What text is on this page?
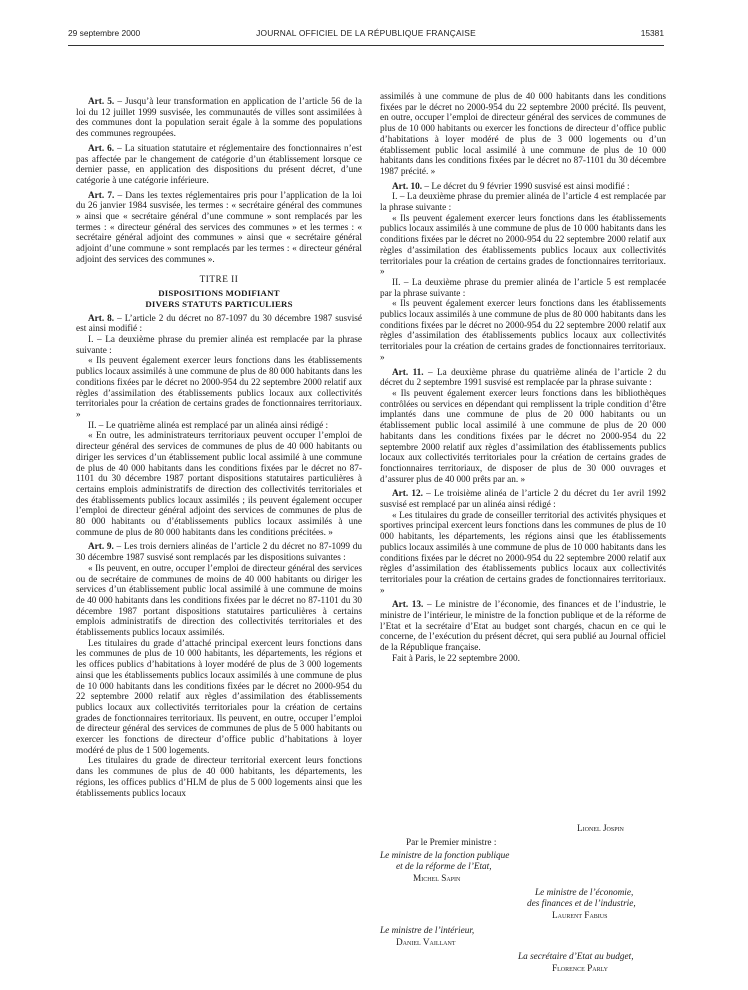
29 septembre 2000	JOURNAL OFFICIEL DE LA RÉPUBLIQUE FRANÇAISE	15381

Art. 5. – Jusqu’à leur transformation en application de l’article 56 de la loi du 12 juillet 1999 susvisée, les communautés de villes sont assimilées à des communes dont la population serait égale à la somme des populations des communes regroupées.

Art. 6. – La situation statutaire et réglementaire des fonctionnaires n’est pas affectée par le changement de catégorie d’un établissement lorsque ce dernier passe, en application des dispositions du présent décret, d’une catégorie à une catégorie inférieure.

Art. 7. – Dans les textes réglementaires pris pour l’application de la loi du 26 janvier 1984 susvisée, les termes : « secrétaire général des communes » ainsi que « secrétaire général d’une commune » sont remplacés par les termes : « directeur général des services des communes » et les termes : « secrétaire général adjoint des communes » ainsi que « secrétaire général adjoint d’une commune » sont remplacés par les termes : « directeur général adjoint des services des communes ».

TITRE II

DISPOSITIONS MODIFIANT

DIVERS STATUTS PARTICULIERS

Art. 8. – L’article 2 du décret no 87-1097 du 30 décembre 1987 susvisé est ainsi modifié :

I. – La deuxième phrase du premier alinéa est remplacée par la phrase suivante :

« Ils peuvent également exercer leurs fonctions dans les établissements publics locaux assimilés à une commune de plus de 80 000 habitants dans les conditions fixées par le décret no 2000-954 du 22 septembre 2000 relatif aux règles d’assimilation des établissements publics locaux aux collectivités territoriales pour la création de certains grades de fonctionnaires territoriaux. »

II. – Le quatrième alinéa est remplacé par un alinéa ainsi rédigé :

« En outre, les administrateurs territoriaux peuvent occuper l’emploi de directeur général des services de communes de plus de 40 000 habitants ou diriger les services d’un établissement public local assimilé à une commune de plus de 40 000 habitants dans les conditions fixées par le décret no 87-1101 du 30 décembre 1987 portant dispositions statutaires particulières à certains emplois administratifs de direction des collectivités territoriales et des établissements publics locaux assimilés ; ils peuvent également occuper l’emploi de directeur général adjoint des services de communes de plus de 80 000 habitants ou d’établissements publics locaux assimilés à une commune de plus de 80 000 habitants dans les conditions précitées. »

Art. 9. – Les trois derniers alinéas de l’article 2 du décret no 87-1099 du 30 décembre 1987 susvisé sont remplacés par les dispositions suivantes :

« Ils peuvent, en outre, occuper l’emploi de directeur général des services ou de secrétaire de communes de moins de 40 000 habitants ou diriger les services d’un établissement public local assimilé à une commune de moins de 40 000 habitants dans les conditions fixées par le décret no 87-1101 du 30 décembre 1987 portant dispositions statutaires particulières à certains emplois administratifs de direction des collectivités territoriales et des établissements publics locaux assimilés.

Les titulaires du grade d’attaché principal exercent leurs fonctions dans les communes de plus de 10 000 habitants, les départements, les régions et les offices publics d’habitations à loyer modéré de plus de 3 000 logements ainsi que les établissements publics locaux assimilés à une commune de plus de 10 000 habitants dans les conditions fixées par le décret no 2000-954 du 22 septembre 2000 relatif aux règles d’assimilation des établissements publics locaux aux collectivités territoriales pour la création de certains grades de fonctionnaires territoriaux. Ils peuvent, en outre, occuper l’emploi de directeur général des services de communes de plus de 5 000 habitants ou exercer les fonctions de directeur d’office public d’habitations à loyer modéré de plus de 1 500 logements.

Les titulaires du grade de directeur territorial exercent leurs fonctions dans les communes de plus de 40 000 habitants, les départements, les régions, les offices publics d’HLM de plus de 5 000 logements ainsi que les établissements publics locaux

assimilés à une commune de plus de 40 000 habitants dans les conditions fixées par le décret no 2000-954 du 22 septembre 2000 précité. Ils peuvent, en outre, occuper l’emploi de directeur général des services de communes de plus de 10 000 habitants ou exercer les fonctions de directeur d’office public d’habitations à loyer modéré de plus de 3 000 logements ou d’un établissement public local assimilé à une commune de plus de 10 000 habitants dans les conditions fixées par le décret no 87-1101 du 30 décembre 1987 précité. »

Art. 10. – Le décret du 9 février 1990 susvisé est ainsi modifié :

I. – La deuxième phrase du premier alinéa de l’article 4 est remplacée par la phrase suivante :

« Ils peuvent également exercer leurs fonctions dans les établissements publics locaux assimilés à une commune de plus de 10 000 habitants dans les conditions fixées par le décret no 2000-954 du 22 septembre 2000 relatif aux règles d’assimilation des établissements publics locaux aux collectivités territoriales pour la création de certains grades de fonctionnaires territoriaux. »

II. – La deuxième phrase du premier alinéa de l’article 5 est remplacée par la phrase suivante :

« Ils peuvent également exercer leurs fonctions dans les établissements publics locaux assimilés à une commune de plus de 80 000 habitants dans les conditions fixées par le décret no 2000-954 du 22 septembre 2000 relatif aux règles d’assimilation des établissements publics locaux aux collectivités territoriales pour la création de certains grades de fonctionnaires territoriaux. »

Art. 11. – La deuxième phrase du quatrième alinéa de l’article 2 du décret du 2 septembre 1991 susvisé est remplacée par la phrase suivante :

« Ils peuvent également exercer leurs fonctions dans les bibliothèques contrôlées ou services en dépendant qui remplissent la triple condition d’être implantés dans une commune de plus de 20 000 habitants ou un établissement public local assimilé à une commune de plus de 20 000 habitants dans les conditions fixées par le décret no 2000-954 du 22 septembre 2000 relatif aux règles d’assimilation des établissements publics locaux aux collectivités territoriales pour la création de certains grades de fonctionnaires territoriaux, de disposer de plus de 30 000 ouvrages et d’assurer plus de 40 000 prêts par an. »

Art. 12. – Le troisième alinéa de l’article 2 du décret du 1er avril 1992 susvisé est remplacé par un alinéa ainsi rédigé :

« Les titulaires du grade de conseiller territorial des activités physiques et sportives principal exercent leurs fonctions dans les communes de plus de 10 000 habitants, les départements, les régions ainsi que les établissements publics locaux assimilés à une commune de plus de 10 000 habitants dans les conditions fixées par le décret no 2000-954 du 22 septembre 2000 relatif aux règles d’assimilation des établissements publics locaux aux collectivités territoriales pour la création de certains grades de fonctionnaires territoriaux. »

Art. 13. – Le ministre de l’économie, des finances et de l’industrie, le ministre de l’intérieur, le ministre de la fonction publique et de la réforme de l’Etat et la secrétaire d’Etat au budget sont chargés, chacun en ce qui le concerne, de l’exécution du présent décret, qui sera publié au Journal officiel de la République française.

Fait à Paris, le 22 septembre 2000.

Lionel Jospin
Par le Premier ministre :
Le ministre de la fonction publique
et de la réforme de l’Etat,
Michel Sapin
Le ministre de l’économie,
des finances et de l’industrie,
Laurent Fabius
Le ministre de l’intérieur,
Daniel Vaillant
La secrétaire d’Etat au budget,
Florence Parly
